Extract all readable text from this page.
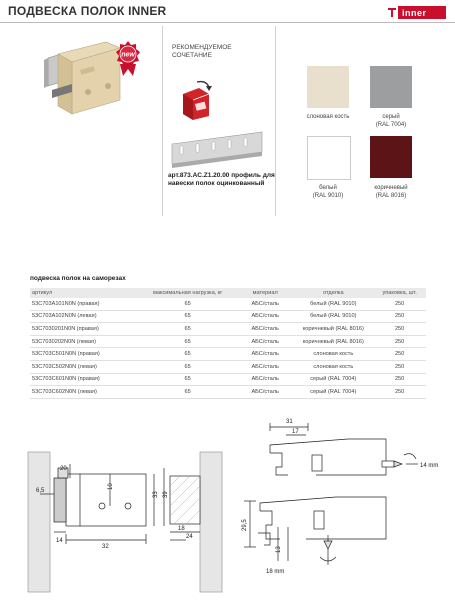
ПОДВЕСКА ПОЛОК INNER	inner
new
РЕКОМЕНДУЕМОЕ
СОЧЕТАНИЕ
арт.873.AC.Z1.20.00 профиль для навески полок оцинкованный
слоновая кость	серый
(RAL 7004)
белый
(RAL 9010)
коричневый
(RAL 8016)
подвеска полок на саморезах
артикул	максимальная нагрузка, кг	материал	отделка	упаковка, шт.
53C703A101N0N (правая)	65	АБС/сталь	белый (RAL 9010)	250
53C703A102N0N (левая)	65	АБС/сталь	белый (RAL 9010)	250
53C7030201N0N (правая)	65	АБС/сталь	коричневый (RAL 8016)	250
53C7030202N0N (левая)	65	АБС/сталь	коричневый (RAL 8016)	250
53C703C501N0N (правая)	65	АБС/сталь	слоновая кость	250
53C703C502N0N (левая)	65	АБС/сталь	слоновая кость	250
53C703C601N0N (правая)	65	АБС/сталь	серый (RAL 7004)	250
53C703C602N0N (левая)	65	АБС/сталь	серый (RAL 7004)	250
20
10
33 39
18
24
6,5
14
32
31
17
14 mm
29,5
13
18 mm
